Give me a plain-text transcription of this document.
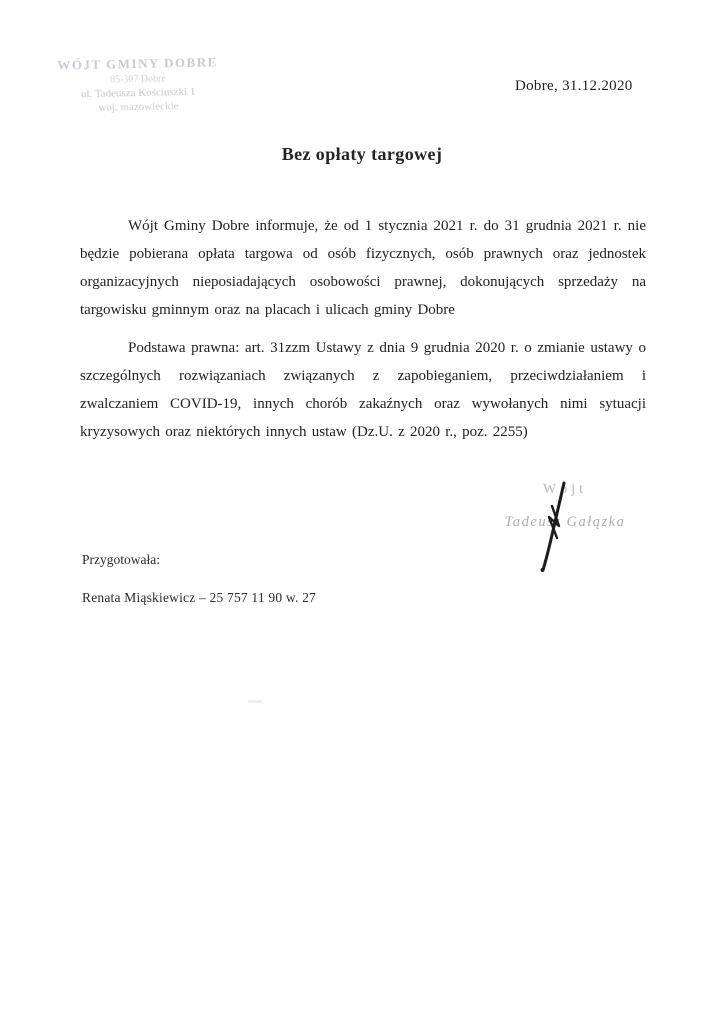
WÓJT GMINY DOBRE
05-307 Dobre
ul. Tadeusza Kościuszki 1
woj. mazowieckie
Dobre, 31.12.2020
Bez opłaty targowej

Wójt Gminy Dobre informuje, że od 1 stycznia 2021 r. do 31 grudnia 2021 r. nie będzie pobierana opłata targowa od osób fizycznych, osób prawnych oraz jednostek organizacyjnych nieposiadających osobowości prawnej, dokonujących sprzedaży na targowisku gminnym oraz na placach i ulicach gminy Dobre

Podstawa prawna: art. 31zzm Ustawy z dnia 9 grudnia 2020 r. o zmianie ustawy o szczególnych rozwiązaniach związanych z zapobieganiem, przeciwdziałaniem i zwalczaniem COVID-19, innych chorób zakaźnych oraz wywołanych nimi sytuacji kryzysowych oraz niektórych innych ustaw (Dz.U. z 2020 r., poz. 2255)

Wójt
Tadeusz Gałązka
Przygotowała:
Renata Miąskiewicz – 25 757 11 90 w. 27
